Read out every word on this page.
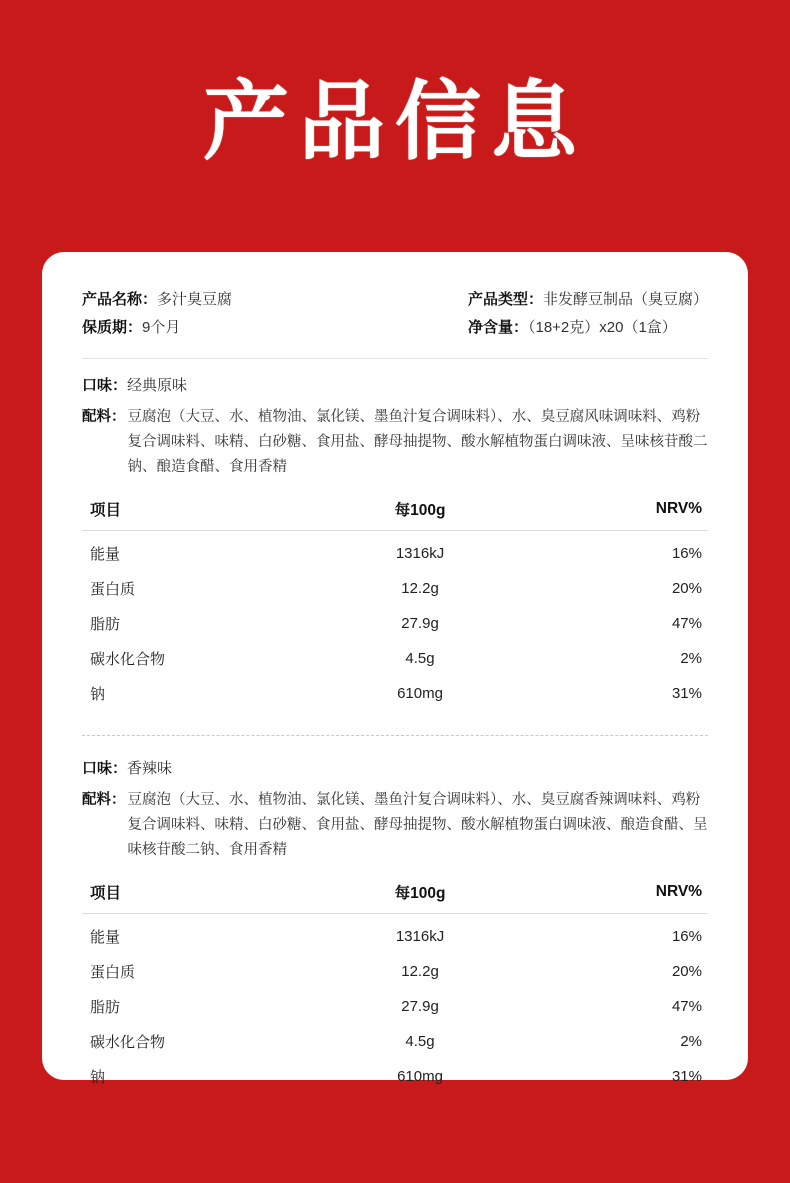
产品信息
产品名称：多汁臭豆腐
保质期：9个月
产品类型：非发酵豆制品（臭豆腐）
净含量：（18+2克）x20（1盒）
口味：经典原味
配料： 豆腐泡（大豆、水、植物油、氯化镁、墨鱼汁复合调味料）、水、臭豆腐风味调味料、鸡粉复合调味料、味精、白砂糖、食用盐、酵母抽提物、酸水解植物蛋白调味液、呈味核苷酸二钠、酿造食醋、食用香精
项目	每100g	NRV%
能量	1316kJ	16%
蛋白质	12.2g	20%
脂肪	27.9g	47%
碳水化合物	4.5g	2%
钠	610mg	31%
口味：香辣味
配料： 豆腐泡（大豆、水、植物油、氯化镁、墨鱼汁复合调味料）、水、臭豆腐香辣调味料、鸡粉复合调味料、味精、白砂糖、食用盐、酵母抽提物、酸水解植物蛋白调味液、酿造食醋、呈味核苷酸二钠、食用香精
项目	每100g	NRV%
能量	1316kJ	16%
蛋白质	12.2g	20%
脂肪	27.9g	47%
碳水化合物	4.5g	2%
钠	610mg	31%
